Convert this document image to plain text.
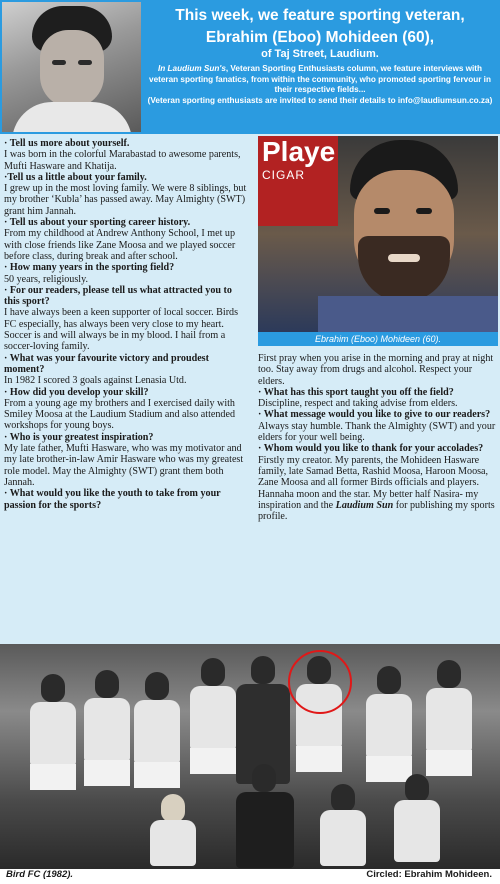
This week, we feature sporting veteran,
Ebrahim (Eboo) Mohideen (60),
of Taj Street, Laudium.
In Laudium Sun's, Veteran Sporting Enthusiasts column, we feature interviews with veteran sporting fanatics, from within the community, who promoted sporting fervour in their respective fields...
(Veteran sporting enthusiasts are invited to send their details to info@laudiumsun.co.za)

· Tell us more about yourself.

I was born in the colorful Marabastad to awesome parents, Mufti Hasware and Khatija.

·Tell us a little about your family.

I grew up in the most loving family. We were 8 siblings, but my brother ‘Kubla’ has passed away. May Almighty (SWT) grant him Jannah.

· Tell us about your sporting career history.

From my childhood at Andrew Anthony School, I met up with close friends like Zane Moosa and we played soccer before class, during break and after school.

· How many years in the sporting field?

50 years, religiously.

· For our readers, please tell us what attracted you to this sport?

I have always been a keen supporter of local soccer. Birds FC especially, has always been very close to my heart. Soccer is and will always be in my blood. I hail from a soccer-loving family.

· What was your favourite victory and proudest moment?

In 1982 I scored 3 goals against Lenasia Utd.

· How did you develop your skill?

From a young age my brothers and I exercised daily with Smiley Moosa at the Laudium Stadium and also attended workshops for young boys.

· Who is your greatest inspiration?

My late father, Mufti Hasware, who was my motivator and my late brother-in-law Amir Hasware who was my greatest role model. May the Almighty (SWT) grant them both Jannah.

· What would you like the youth to take from your passion for the sports?

Playe
CIGAR
Ebrahim (Eboo) Mohideen (60).

First pray when you arise in the morning and pray at night too. Stay away from drugs and alcohol. Respect your elders.

· What has this sport taught you off the field?

Discipline, respect and taking advise from elders.

· What message would you like to give to our readers?

Always stay humble. Thank the Almighty (SWT) and your elders for your well being.

· Whom would you like to thank for your accolades?

Firstly my creator. My parents, the Mohideen Hasware family, late Samad Betta, Rashid Moosa, Haroon Moosa, Zane Moosa and all former Birds officials and players. Hannaha moon and the star. My better half Nasira- my inspiration and the Laudium Sun for publishing my sports profile.

Bird FC (1982).	Circled: Ebrahim Mohideen.
